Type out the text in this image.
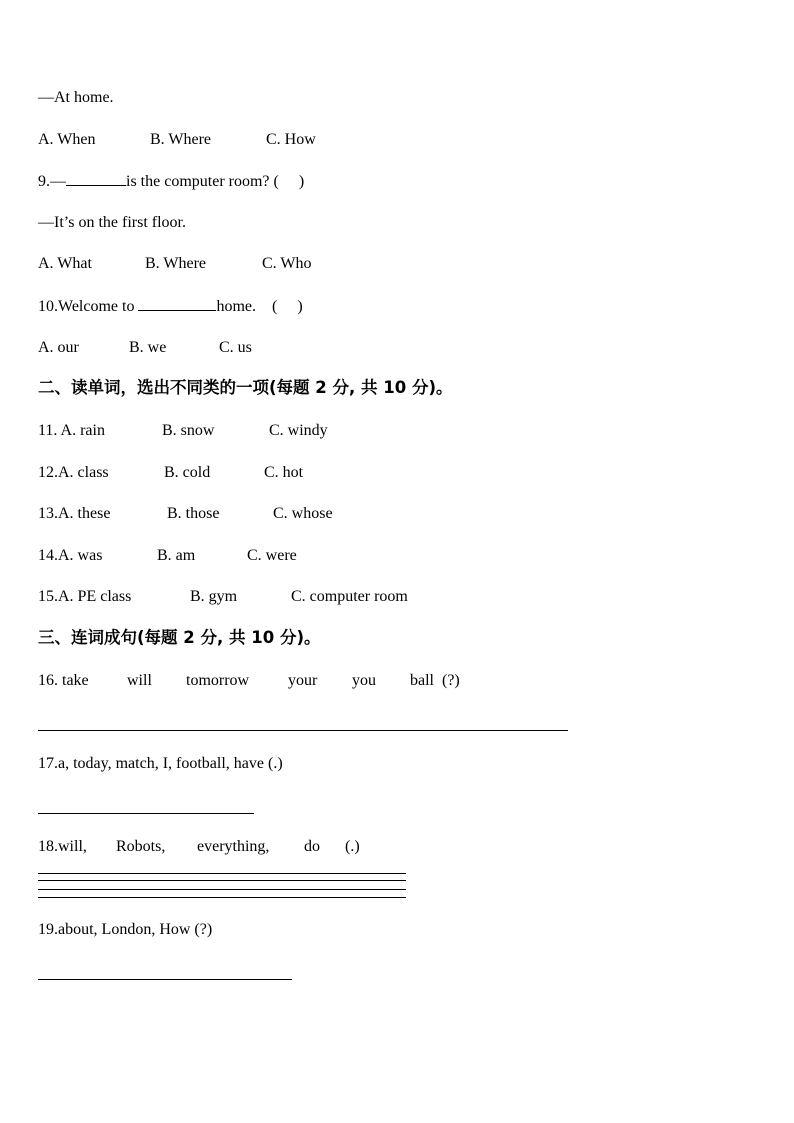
—At home.

A. When

	B. Where

	C. How

9.—	is the computer room? (     )
—It’s on the first floor.

A. What

	B. Where

	C. Who

10.Welcome to	home.    (     )

A. our

	B. we

	C. us

二、读单词，选出不同类的一项(每题 2 分, 共 10 分)。

11. A. rain

	B. snow

	C. windy

12.A. class

	B. cold

	C. hot

13.A. these

	B. those

	C. whose

14.A. was

	B. am

	C. were

15.A. PE class

	B. gym

	C. computer room

三、连词成句(每题 2 分, 共 10 分)。

16. take

will

tomorrow

your

you

ball  (?)

17.a, today, match, I, football, have (.)

18.will,

Robots,

everything,

do

(.)

19.about, London, How (?)
